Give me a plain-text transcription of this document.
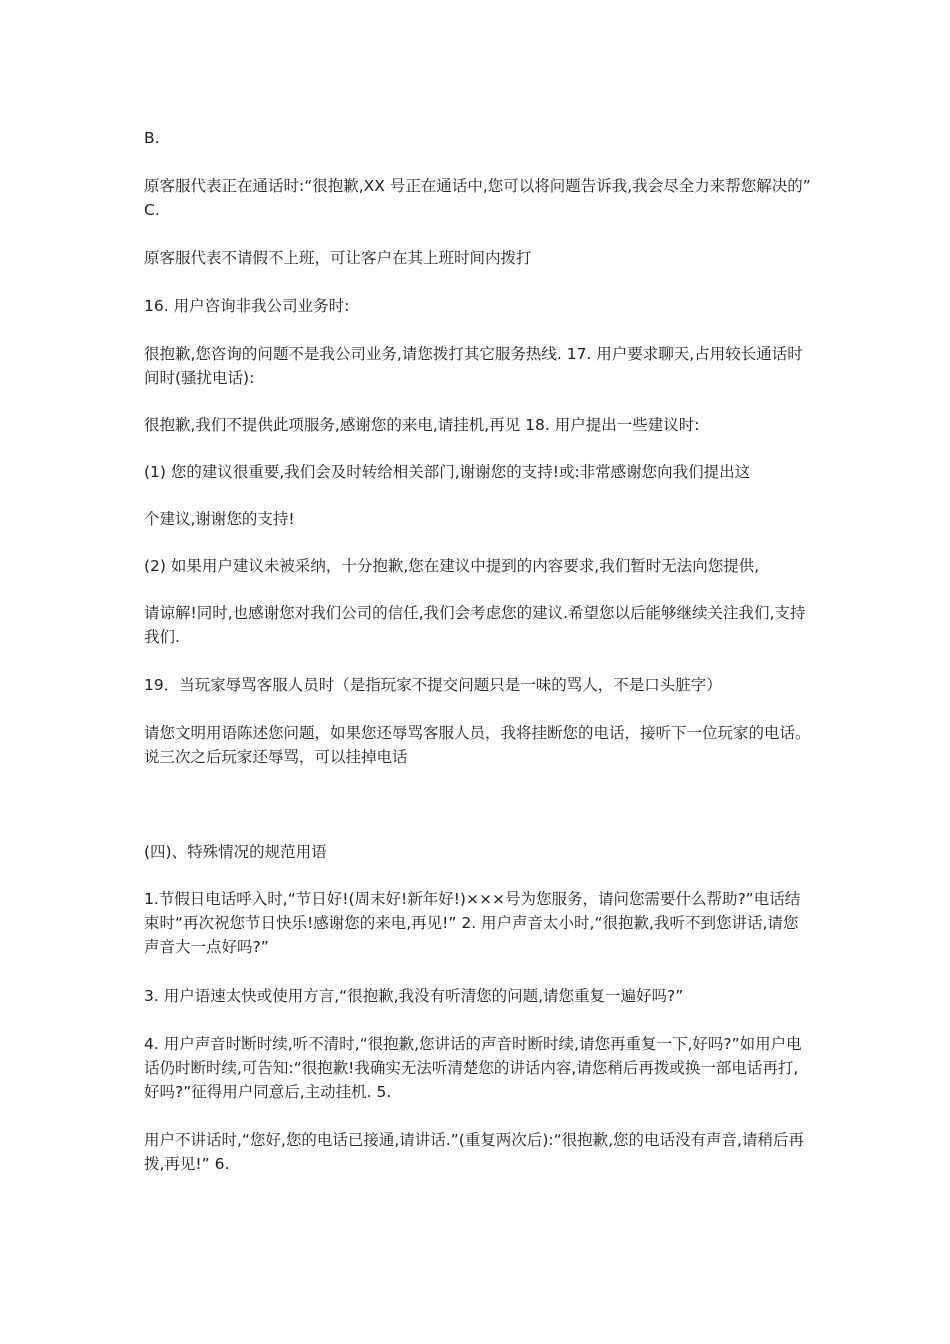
B.
原客服代表正在通话时:“很抱歉,XX 号正在通话中,您可以将问题告诉我,我会尽全力来帮您解决的” C.
原客服代表不请假不上班，可让客户在其上班时间内拨打
16. 用户咨询非我公司业务时:
很抱歉,您咨询的问题不是我公司业务,请您拨打其它服务热线. 17. 用户要求聊天,占用较长通话时间时(骚扰电话):
很抱歉,我们不提供此项服务,感谢您的来电,请挂机,再见 18. 用户提出一些建议时:
(1) 您的建议很重要,我们会及时转给相关部门,谢谢您的支持!或:非常感谢您向我们提出这
个建议,谢谢您的支持!
(2) 如果用户建议未被采纳，十分抱歉,您在建议中提到的内容要求,我们暂时无法向您提供,
请谅解!同时,也感谢您对我们公司的信任,我们会考虑您的建议.希望您以后能够继续关注我们,支持我们.
19．当玩家辱骂客服人员时（是指玩家不提交问题只是一味的骂人，不是口头脏字）
请您文明用语陈述您问题，如果您还辱骂客服人员，我将挂断您的电话，接听下一位玩家的电话。说三次之后玩家还辱骂，可以挂掉电话
(四)、特殊情况的规范用语
1.节假日电话呼入时,“节日好!(周末好!新年好!)×××号为您服务，请问您需要什么帮助?”电话结束时“再次祝您节日快乐!感谢您的来电,再见!” 2. 用户声音太小时,“很抱歉,我听不到您讲话,请您声音大一点好吗?”
3. 用户语速太快或使用方言,“很抱歉,我没有听清您的问题,请您重复一遍好吗?”
4. 用户声音时断时续,听不清时,“很抱歉,您讲话的声音时断时续,请您再重复一下,好吗?”如用户电话仍时断时续,可告知:“很抱歉!我确实无法听清楚您的讲话内容,请您稍后再拨或换一部电话再打,好吗?”征得用户同意后,主动挂机. 5.
用户不讲话时,“您好,您的电话已接通,请讲话.”(重复两次后):“很抱歉,您的电话没有声音,请稍后再拨,再见!” 6.
